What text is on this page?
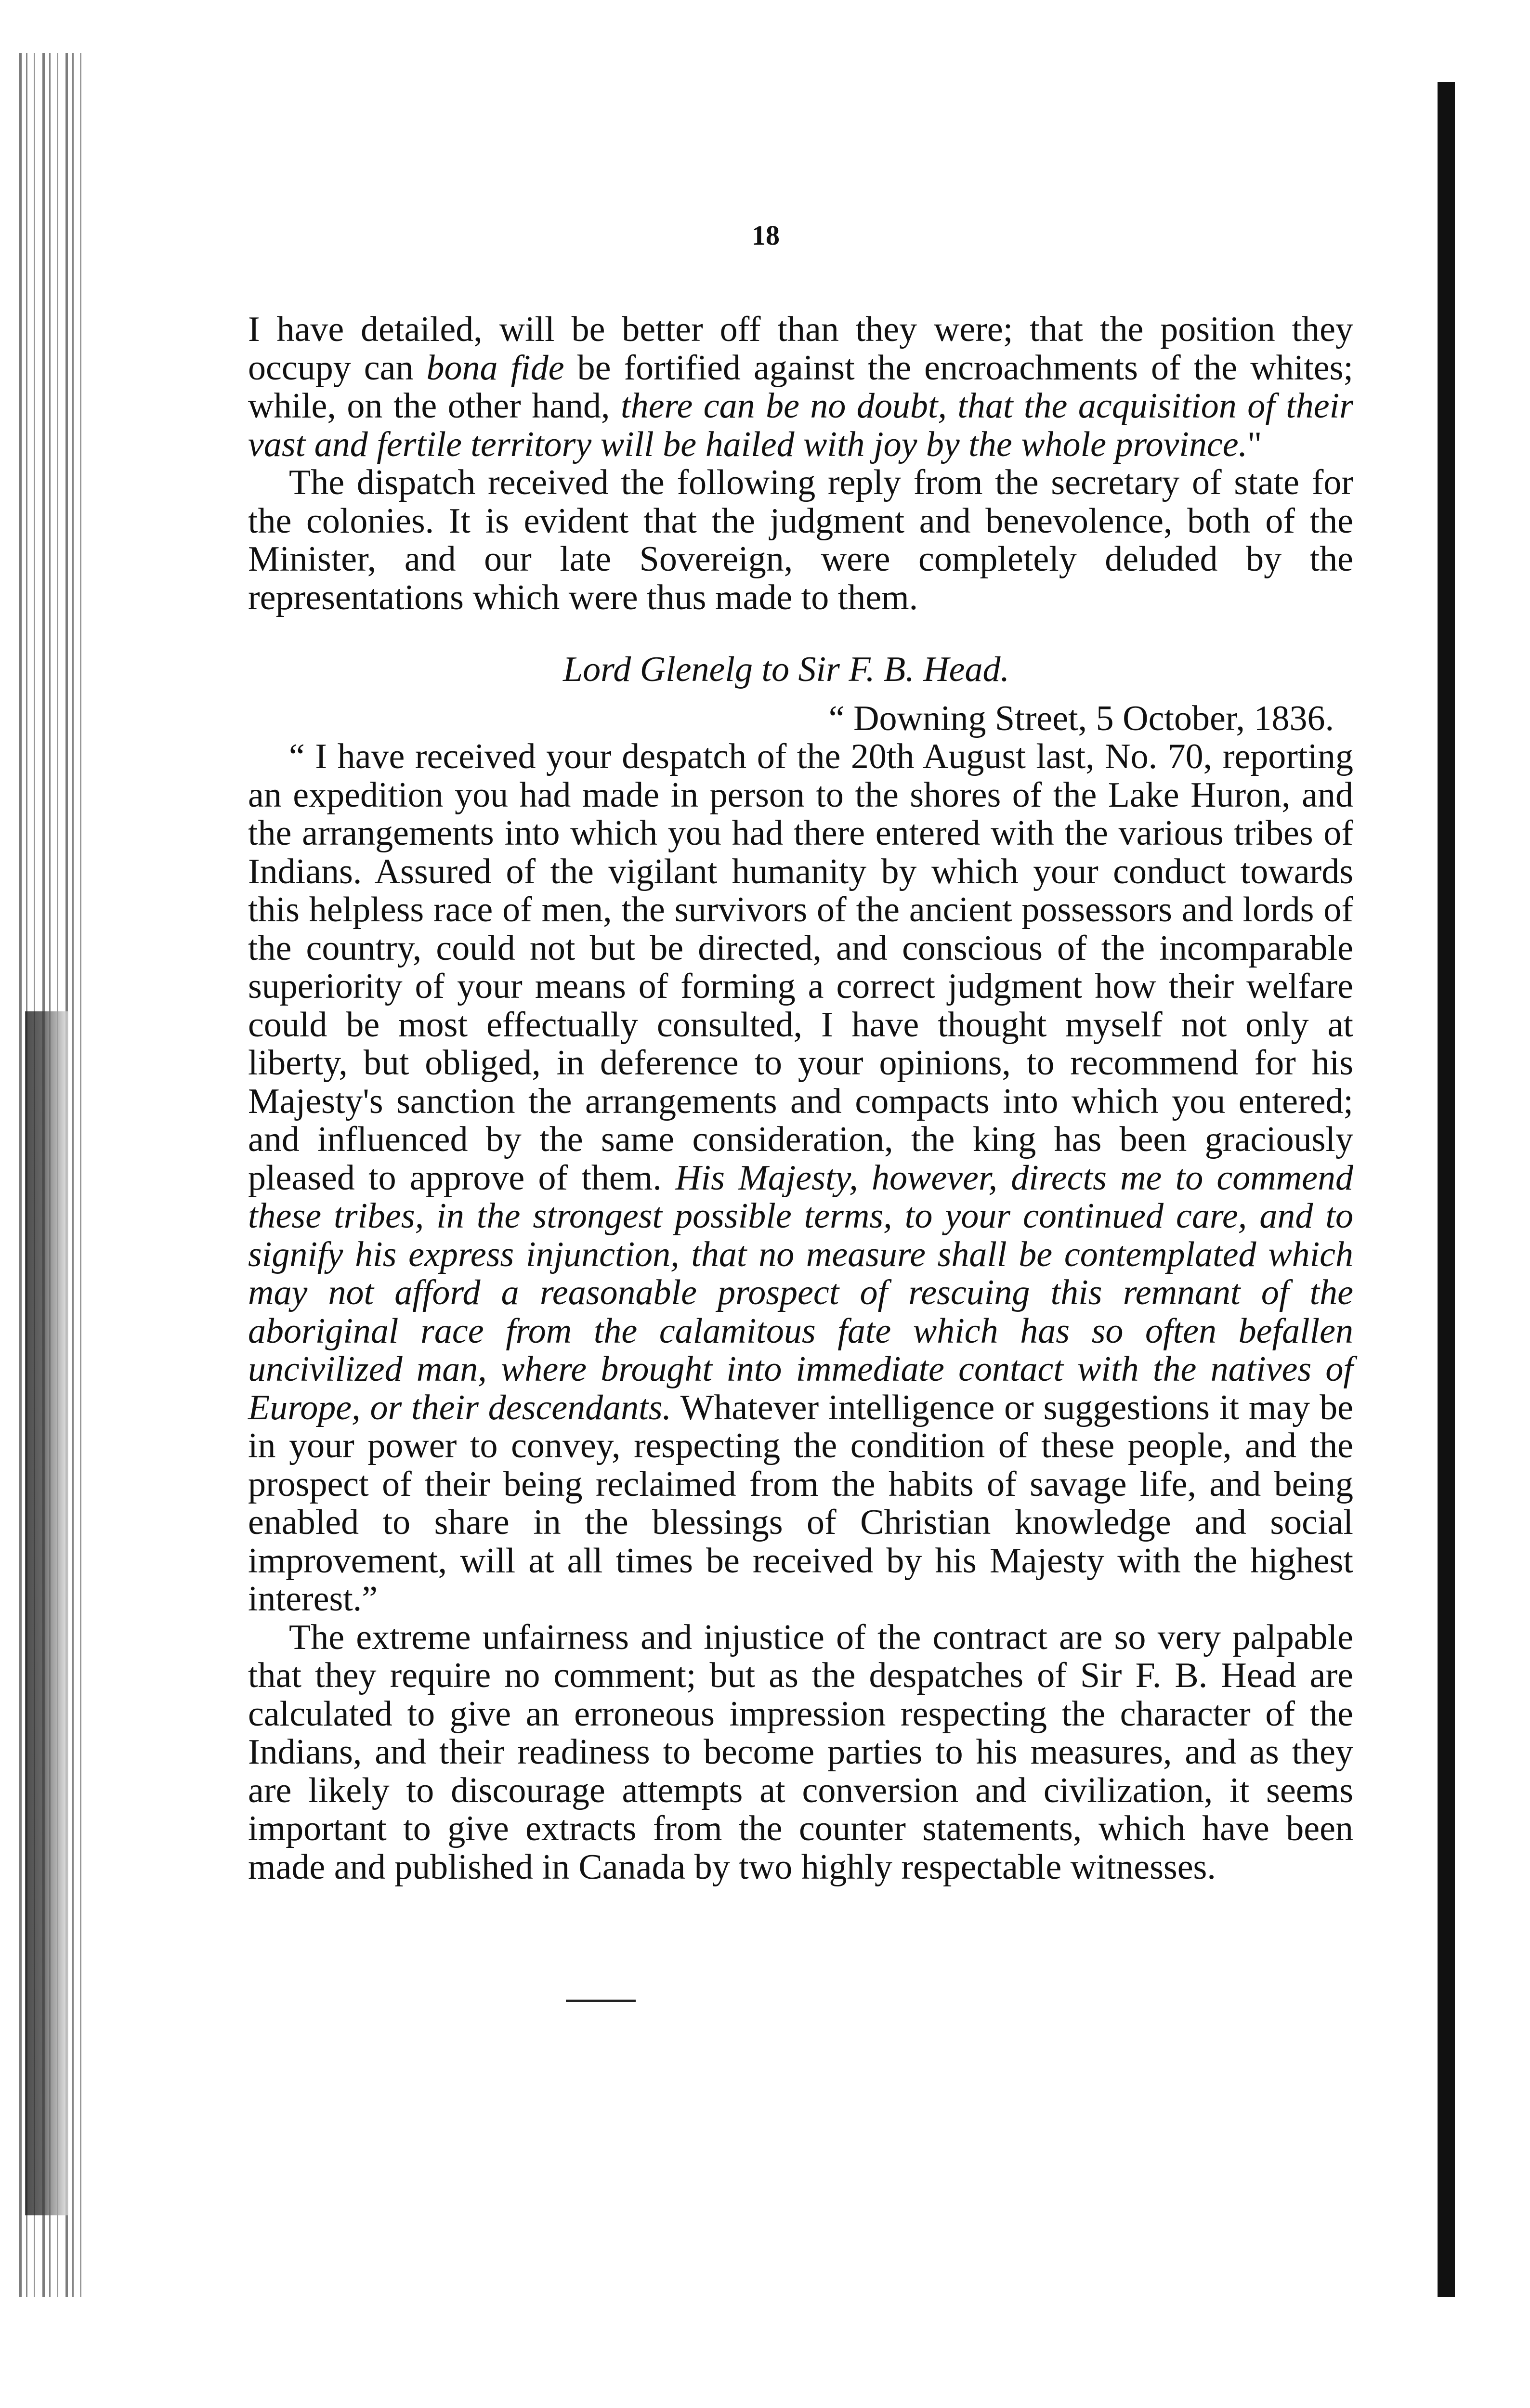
18

I have detailed, will be better off than they were; that the position they occupy can bona fide be fortified against the encroachments of the whites; while, on the other hand, there can be no doubt, that the acquisition of their vast and fertile territory will be hailed with joy by the whole province."

The dispatch received the following reply from the secretary of state for the colonies. It is evident that the judgment and benevolence, both of the Minister, and our late Sovereign, were completely deluded by the representations which were thus made to them.

Lord Glenelg to Sir F. B. Head.

“ Downing Street, 5 October, 1836.

“ I have received your despatch of the 20th August last, No. 70, reporting an expedition you had made in person to the shores of the Lake Huron, and the arrangements into which you had there entered with the various tribes of Indians. Assured of the vigilant humanity by which your conduct towards this helpless race of men, the survivors of the ancient possessors and lords of the country, could not but be directed, and conscious of the incomparable superiority of your means of forming a correct judgment how their welfare could be most effectually consulted, I have thought myself not only at liberty, but obliged, in deference to your opinions, to recommend for his Majesty's sanction the arrangements and compacts into which you entered; and influenced by the same consideration, the king has been graciously pleased to approve of them. His Majesty, however, directs me to commend these tribes, in the strongest possible terms, to your continued care, and to signify his express injunction, that no measure shall be contemplated which may not afford a reasonable prospect of rescuing this remnant of the aboriginal race from the calamitous fate which has so often befallen uncivilized man, where brought into immediate contact with the natives of Europe, or their descendants. Whatever intelligence or suggestions it may be in your power to convey, respecting the condition of these people, and the prospect of their being reclaimed from the habits of savage life, and being enabled to share in the blessings of Christian knowledge and social improvement, will at all times be received by his Majesty with the highest interest.”

The extreme unfairness and injustice of the contract are so very palpable that they require no comment; but as the despatches of Sir F. B. Head are calculated to give an erroneous impression respecting the character of the Indians, and their readiness to become parties to his measures, and as they are likely to discourage attempts at conversion and civilization, it seems important to give extracts from the counter statements, which have been made and published in Canada by two highly respectable witnesses.
